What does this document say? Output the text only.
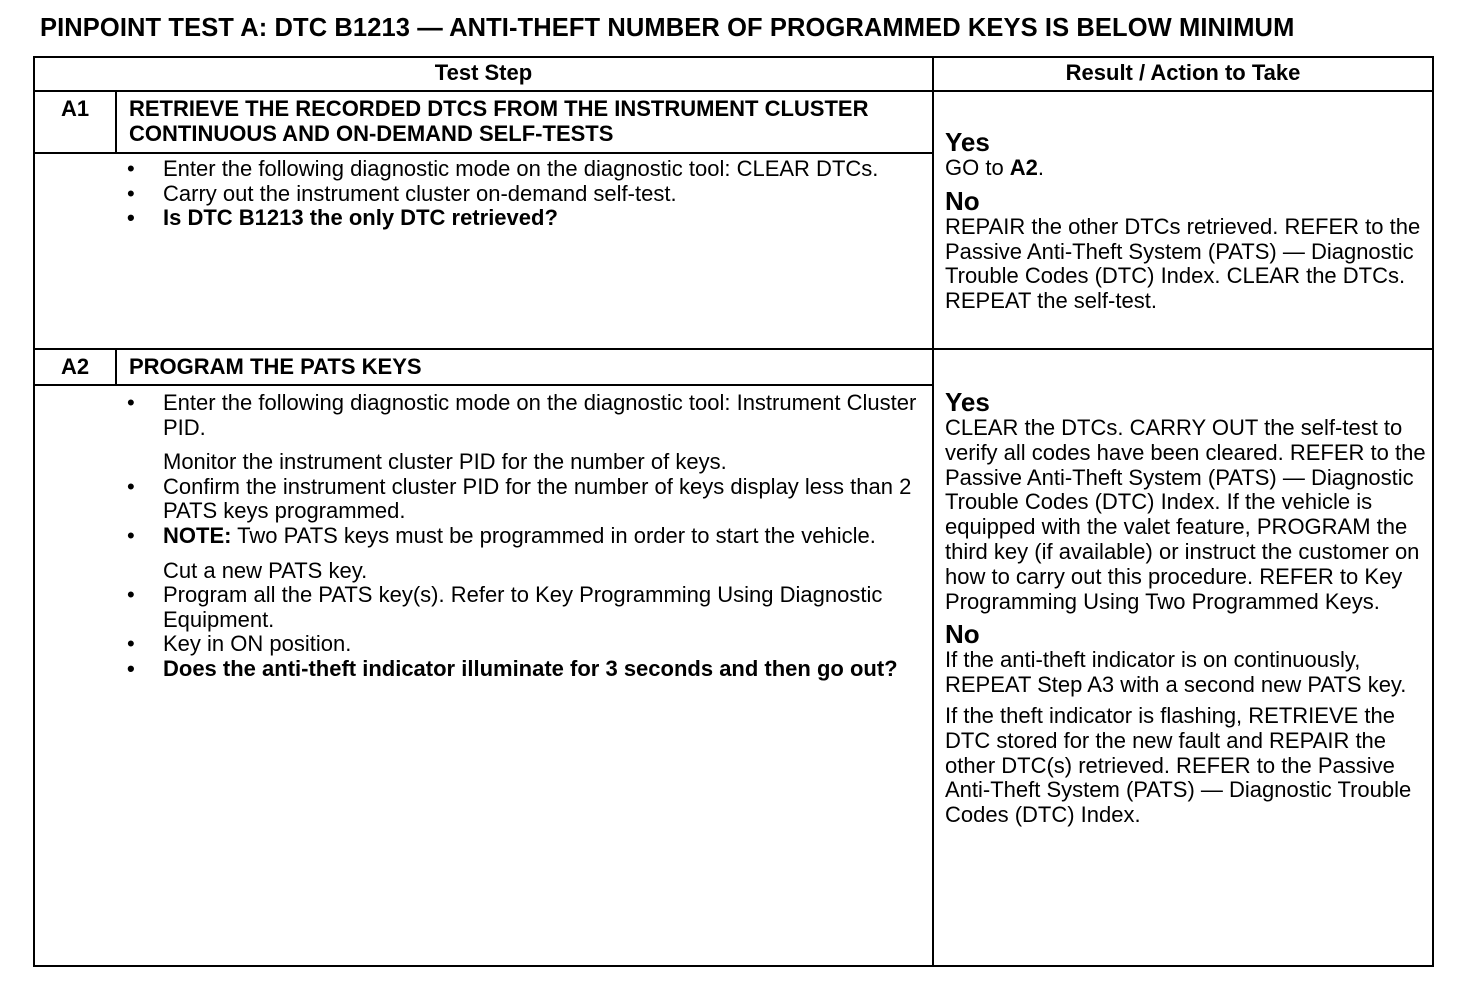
PINPOINT TEST A: DTC B1213 — ANTI-THEFT NUMBER OF PROGRAMMED KEYS IS BELOW MINIMUM
Test Step	Result / Action to Take
A1	RETRIEVE THE RECORDED DTCS FROM THE INSTRUMENT CLUSTER CONTINUOUS AND ON-DEMAND SELF-TESTS
• Enter the following diagnostic mode on the diagnostic tool: CLEAR DTCs.
• Carry out the instrument cluster on-demand self-test.
• Is DTC B1213 the only DTC retrieved?
Yes
GO to A2.
No
REPAIR the other DTCs retrieved. REFER to the Passive Anti-Theft System (PATS) — Diagnostic Trouble Codes (DTC) Index. CLEAR the DTCs. REPEAT the self-test.
A2	PROGRAM THE PATS KEYS
• Enter the following diagnostic mode on the diagnostic tool: Instrument Cluster PID.
Monitor the instrument cluster PID for the number of keys.
• Confirm the instrument cluster PID for the number of keys display less than 2 PATS keys programmed.
• NOTE: Two PATS keys must be programmed in order to start the vehicle.
Cut a new PATS key.
• Program all the PATS key(s). Refer to Key Programming Using Diagnostic Equipment.
• Key in ON position.
• Does the anti-theft indicator illuminate for 3 seconds and then go out?
Yes
CLEAR the DTCs. CARRY OUT the self-test to verify all codes have been cleared. REFER to the Passive Anti-Theft System (PATS) — Diagnostic Trouble Codes (DTC) Index. If the vehicle is equipped with the valet feature, PROGRAM the third key (if available) or instruct the customer on how to carry out this procedure. REFER to Key Programming Using Two Programmed Keys.
No
If the anti-theft indicator is on continuously, REPEAT Step A3 with a second new PATS key.
If the theft indicator is flashing, RETRIEVE the DTC stored for the new fault and REPAIR the other DTC(s) retrieved. REFER to the Passive Anti-Theft System (PATS) — Diagnostic Trouble Codes (DTC) Index.
